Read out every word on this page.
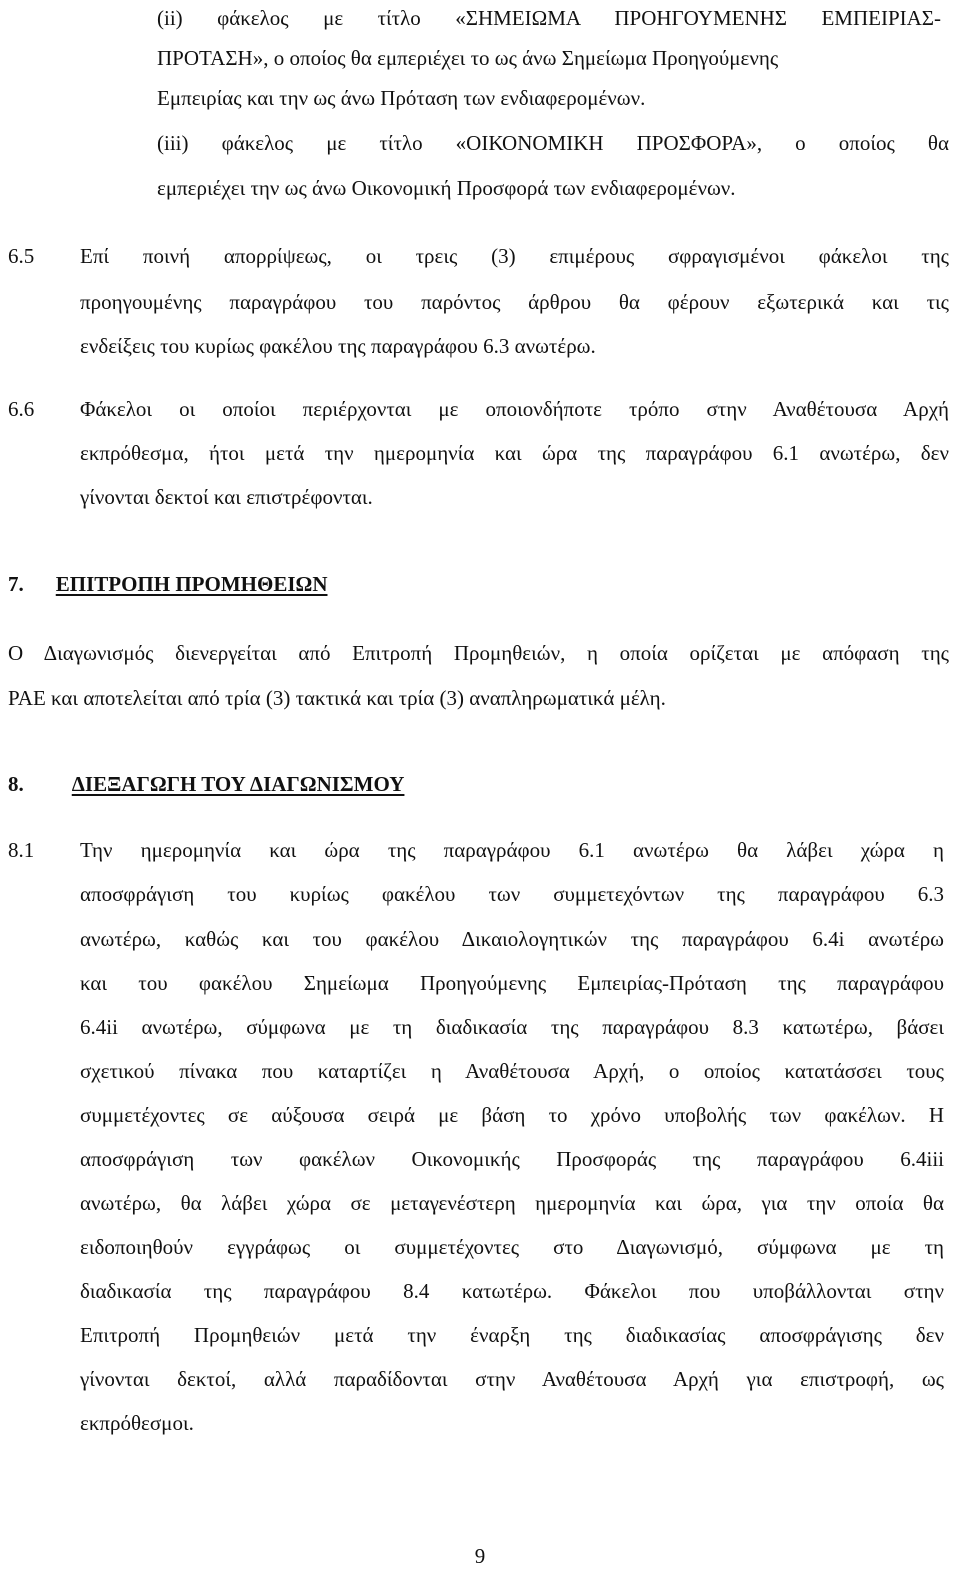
(ii) φάκελος με τίτλο «ΣΗΜΕΙΩΜΑ ΠΡΟΗΓΟΥΜΕΝΗΣ ΕΜΠΕΙΡΙΑΣ-
ΠΡΟΤΑΣΗ», ο οποίος θα εμπεριέχει το ως άνω Σημείωμα Προηγούμενης
Εμπειρίας και την ως άνω Πρόταση των ενδιαφερομένων.
(iii) φάκελος με τίτλο «ΟΙΚΟΝΟΜΙΚΗ ΠΡΟΣΦΟΡΑ», ο οποίος θα
εμπεριέχει την ως άνω Οικονομική Προσφορά των ενδιαφερομένων.
6.5 Επί ποινή απορρίψεως, οι τρεις (3) επιμέρους σφραγισμένοι φάκελοι της
προηγουμένης παραγράφου του παρόντος άρθρου θα φέρουν εξωτερικά και τις
ενδείξεις του κυρίως φακέλου της παραγράφου 6.3 ανωτέρω.
6.6 Φάκελοι οι οποίοι περιέρχονται με οποιονδήποτε τρόπο στην Αναθέτουσα Αρχή
εκπρόθεσμα, ήτοι μετά την ημερομηνία και ώρα της παραγράφου 6.1 ανωτέρω, δεν
γίνονται δεκτοί και επιστρέφονται.
7. ΕΠΙΤΡΟΠΗ ΠΡΟΜΗΘΕΙΩΝ
Ο Διαγωνισμός διενεργείται από Επιτροπή Προμηθειών, η οποία ορίζεται με απόφαση της
ΡΑΕ και αποτελείται από τρία (3) τακτικά και τρία (3) αναπληρωματικά μέλη.
8. ΔΙΕΞΑΓΩΓΗ ΤΟΥ ΔΙΑΓΩΝΙΣΜΟΥ
8.1 Την ημερομηνία και ώρα της παραγράφου 6.1 ανωτέρω θα λάβει χώρα η
αποσφράγιση του κυρίως φακέλου των συμμετεχόντων της παραγράφου 6.3
ανωτέρω, καθώς και του φακέλου Δικαιολογητικών της παραγράφου 6.4i ανωτέρω
και του φακέλου Σημείωμα Προηγούμενης Εμπειρίας-Πρόταση της παραγράφου
6.4ii ανωτέρω, σύμφωνα με τη διαδικασία της παραγράφου 8.3 κατωτέρω, βάσει
σχετικού πίνακα που καταρτίζει η Αναθέτουσα Αρχή, ο οποίος κατατάσσει τους
συμμετέχοντες σε αύξουσα σειρά με βάση το χρόνο υποβολής των φακέλων. Η
αποσφράγιση των φακέλων Οικονομικής Προσφοράς της παραγράφου 6.4iii
ανωτέρω, θα λάβει χώρα σε μεταγενέστερη ημερομηνία και ώρα, για την οποία θα
ειδοποιηθούν εγγράφως οι συμμετέχοντες στο Διαγωνισμό, σύμφωνα με τη
διαδικασία της παραγράφου 8.4 κατωτέρω. Φάκελοι που υποβάλλονται στην
Επιτροπή Προμηθειών μετά την έναρξη της διαδικασίας αποσφράγισης δεν
γίνονται δεκτοί, αλλά παραδίδονται στην Αναθέτουσα Αρχή για επιστροφή, ως
εκπρόθεσμοι.
9
